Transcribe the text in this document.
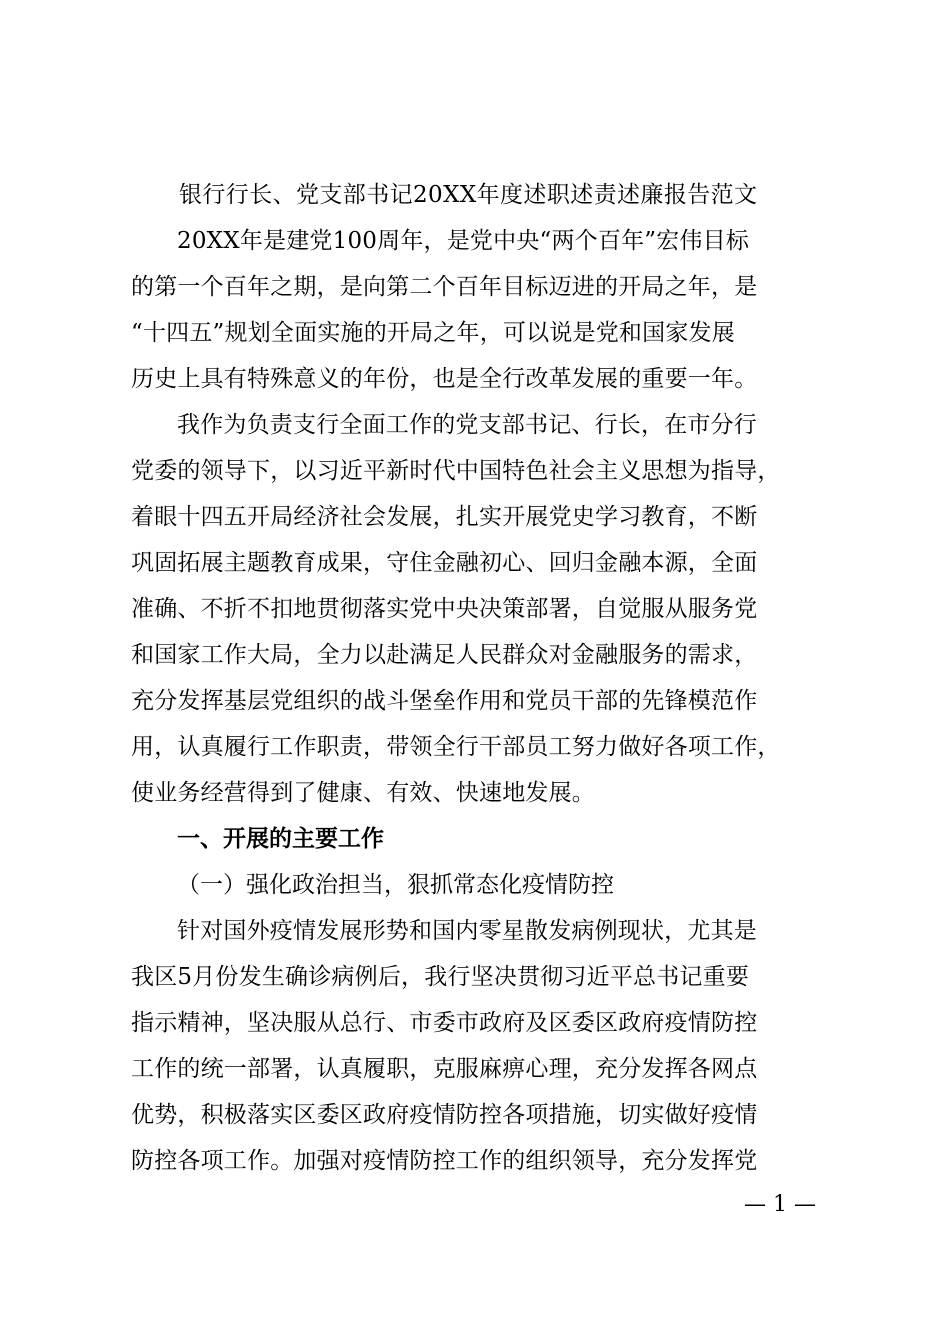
银行行长、党支部书记20XX年度述职述责述廉报告范文

20XX年是建党100周年，是党中央“两个百年”宏伟目标
的第一个百年之期，是向第二个百年目标迈进的开局之年，是
“十四五”规划全面实施的开局之年，可以说是党和国家发展
历史上具有特殊意义的年份，也是全行改革发展的重要一年。

我作为负责支行全面工作的党支部书记、行长，在市分行
党委的领导下，以习近平新时代中国特色社会主义思想为指导，
着眼十四五开局经济社会发展，扎实开展党史学习教育，不断
巩固拓展主题教育成果，守住金融初心、回归金融本源，全面
准确、不折不扣地贯彻落实党中央决策部署，自觉服从服务党
和国家工作大局，全力以赴满足人民群众对金融服务的需求，
充分发挥基层党组织的战斗堡垒作用和党员干部的先锋模范作
用，认真履行工作职责，带领全行干部员工努力做好各项工作，
使业务经营得到了健康、有效、快速地发展。

一、开展的主要工作

（一）强化政治担当，狠抓常态化疫情防控

针对国外疫情发展形势和国内零星散发病例现状，尤其是
我区5月份发生确诊病例后，我行坚决贯彻习近平总书记重要
指示精神，坚决服从总行、市委市政府及区委区政府疫情防控
工作的统一部署，认真履职，克服麻痹心理，充分发挥各网点
优势，积极落实区委区政府疫情防控各项措施，切实做好疫情
防控各项工作。加强对疫情防控工作的组织领导，充分发挥党

— 1 —
